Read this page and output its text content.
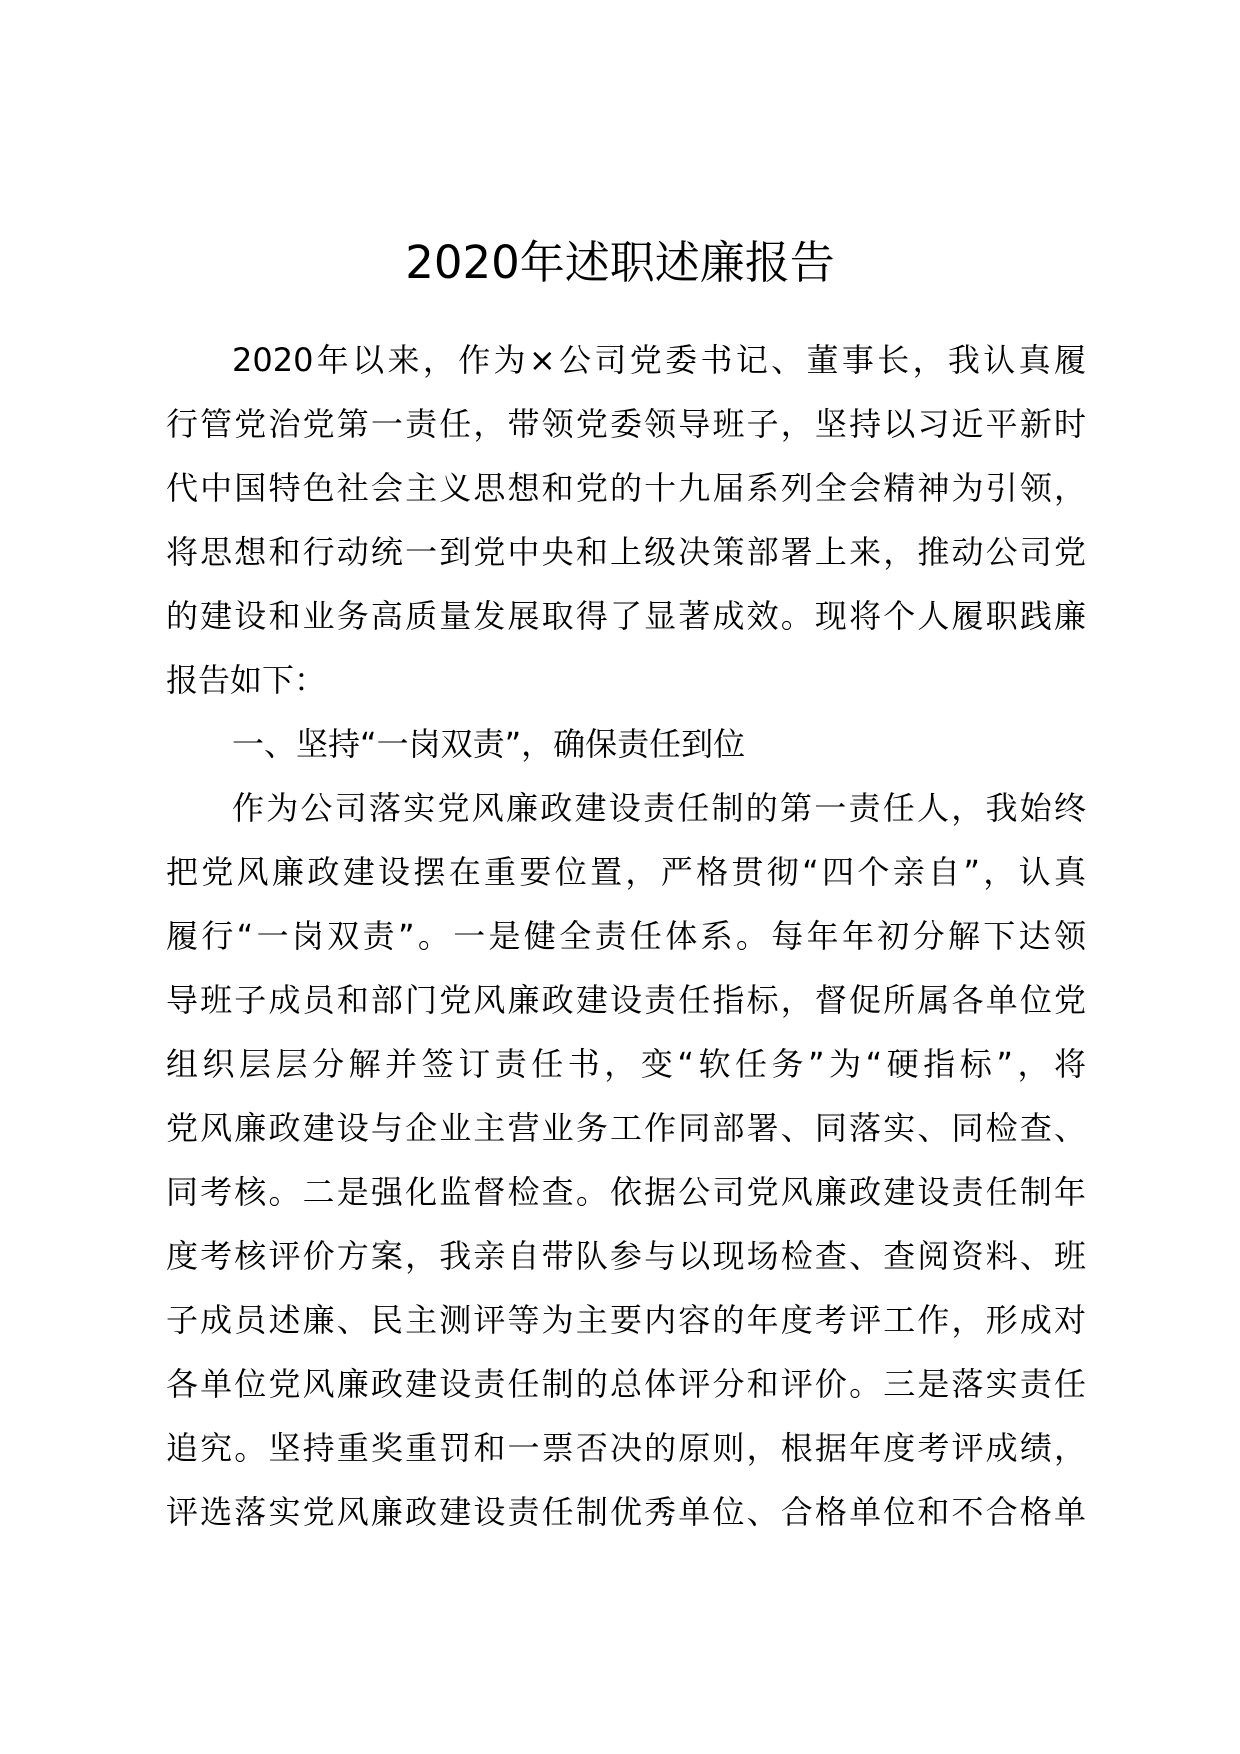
2020年述职述廉报告

2020年以来，作为×公司党委书记、董事长，我认真履

行管党治党第一责任，带领党委领导班子，坚持以习近平新时

代中国特色社会主义思想和党的十九届系列全会精神为引领，

将思想和行动统一到党中央和上级决策部署上来，推动公司党

的建设和业务高质量发展取得了显著成效。现将个人履职践廉

报告如下：

一、坚持“一岗双责”，确保责任到位

作为公司落实党风廉政建设责任制的第一责任人，我始终

把党风廉政建设摆在重要位置，严格贯彻“四个亲自”，认真

履行“一岗双责”。一是健全责任体系。每年年初分解下达领

导班子成员和部门党风廉政建设责任指标，督促所属各单位党

组织层层分解并签订责任书，变“软任务”为“硬指标”，将

党风廉政建设与企业主营业务工作同部署、同落实、同检查、

同考核。二是强化监督检查。依据公司党风廉政建设责任制年

度考核评价方案，我亲自带队参与以现场检查、查阅资料、班

子成员述廉、民主测评等为主要内容的年度考评工作，形成对

各单位党风廉政建设责任制的总体评分和评价。三是落实责任

追究。坚持重奖重罚和一票否决的原则，根据年度考评成绩，

评选落实党风廉政建设责任制优秀单位、合格单位和不合格单
